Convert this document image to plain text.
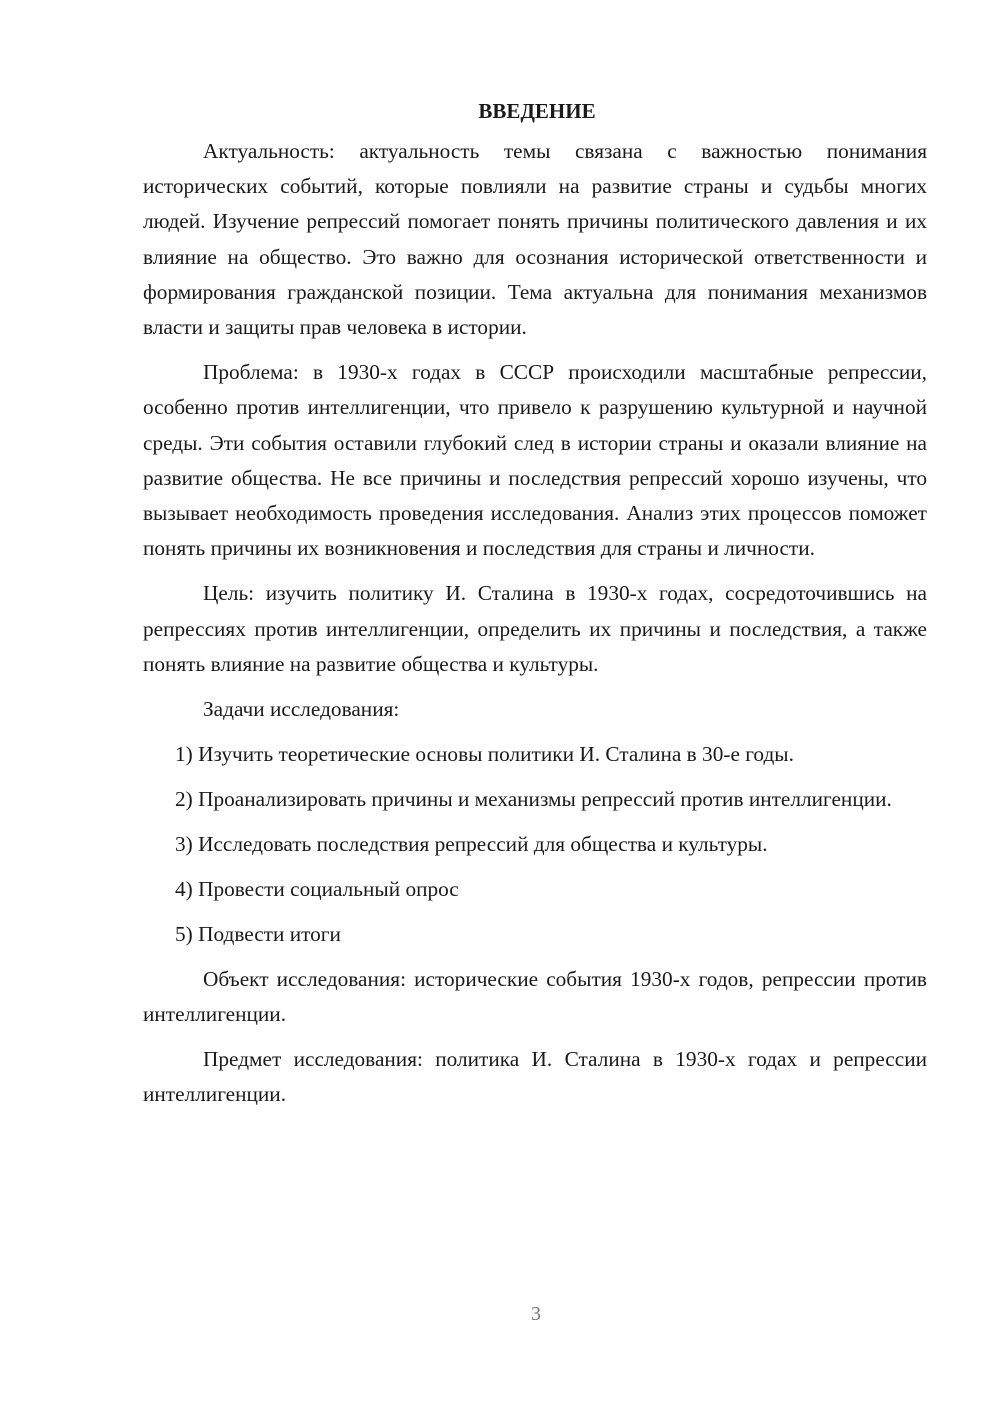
ВВЕДЕНИЕ

Актуальность: актуальность темы связана с важностью понимания исторических событий, которые повлияли на развитие страны и судьбы многих людей. Изучение репрессий помогает понять причины политического давления и их влияние на общество. Это важно для осознания исторической ответственности и формирования гражданской позиции. Тема актуальна для понимания механизмов власти и защиты прав человека в истории.

Проблема: в 1930-х годах в СССР происходили масштабные репрессии, особенно против интеллигенции, что привело к разрушению культурной и научной среды. Эти события оставили глубокий след в истории страны и оказали влияние на развитие общества. Не все причины и последствия репрессий хорошо изучены, что вызывает необходимость проведения исследования. Анализ этих процессов поможет понять причины их возникновения и последствия для страны и личности.

Цель: изучить политику И. Сталина в 1930-х годах, сосредоточившись на репрессиях против интеллигенции, определить их причины и последствия, а также понять влияние на развитие общества и культуры.

Задачи исследования:

1) Изучить теоретические основы политики И. Сталина в 30-е годы.

2) Проанализировать причины и механизмы репрессий против интеллигенции.

3) Исследовать последствия репрессий для общества и культуры.

4) Провести социальный опрос

5) Подвести итоги

Объект исследования: исторические события 1930-х годов, репрессии против интеллигенции.

Предмет исследования: политика И. Сталина в 1930-х годах и репрессии интеллигенции.

3
